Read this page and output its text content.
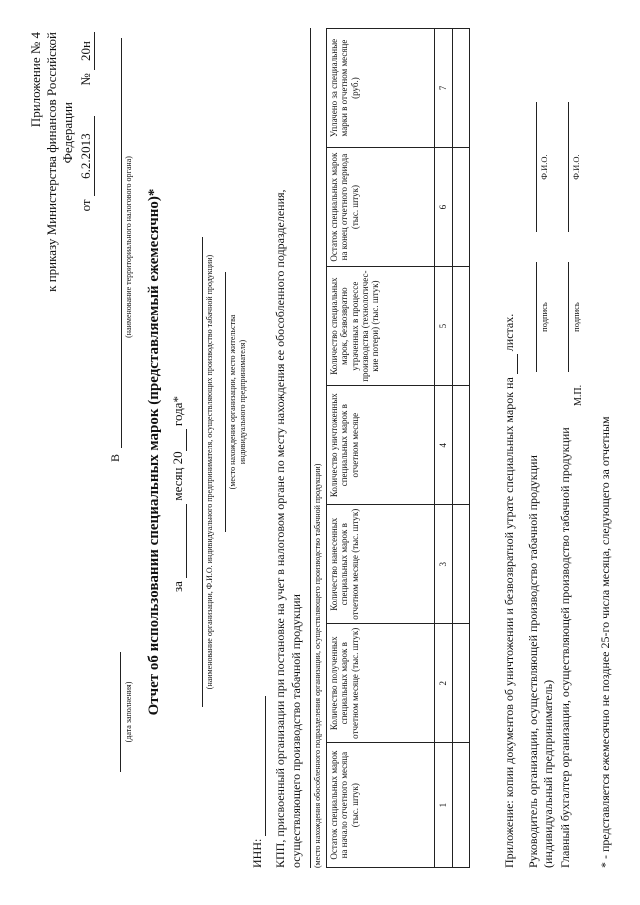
Приложение № 4 к приказу Министерства финансов Российской Федерации
от 6.2.2013  № 20н
В
(наименование территориального налогового органа)
(дата заполнения) Отчет об использовании специальных марок (представляемый ежемесячно)* за   месяц 20  года*	(наименование организации, Ф.И.О. индивидуального предпринимателя, осуществляющих производство табачной продукции) (место нахождения организации, место жительства индивидуального предпринимателя)
ИНН: КПП, присвоенный организации при постановке на учет в налоговом органе по месту нахождения ее обособленного подразделения, осуществляющего производство табачной продукции (место нахождения обособленного подразделения организации, осуществляющего производство табачной продукции) Остаток специальных марок на начало отчетного месяца (тыс. штук)	Количество полученных специальных марок в отчетном месяце (тыс. штук)	Количество нанесенных специальных марок в отчетном месяце (тыс. штук)	Количество уничтоженных специальных марок в отчетном месяце	Количество специальных марок, безвозвратно утраченных в процессе производства (технологичес-кие потери) (тыс. штук)	Остаток специальных марок на конец отчетного периода (тыс. штук)	Уплачено за специальные марки в отчетном месяце (руб.)
1	2	3	4	5	6	7

Приложение: копии документов об уничтожении и безвозвратной утрате специальных марок на   листах.
Руководитель организации, осуществляющей производство табачной продукции (индивидуальный предприниматель)
подпись
Ф.И.О.
Главный бухгалтер организации, осуществляющей производство табачной продукции
подпись
Ф.И.О.
М.П.
* - представляется ежемесячно не позднее 25-го числа месяца, следующего за отчетным
